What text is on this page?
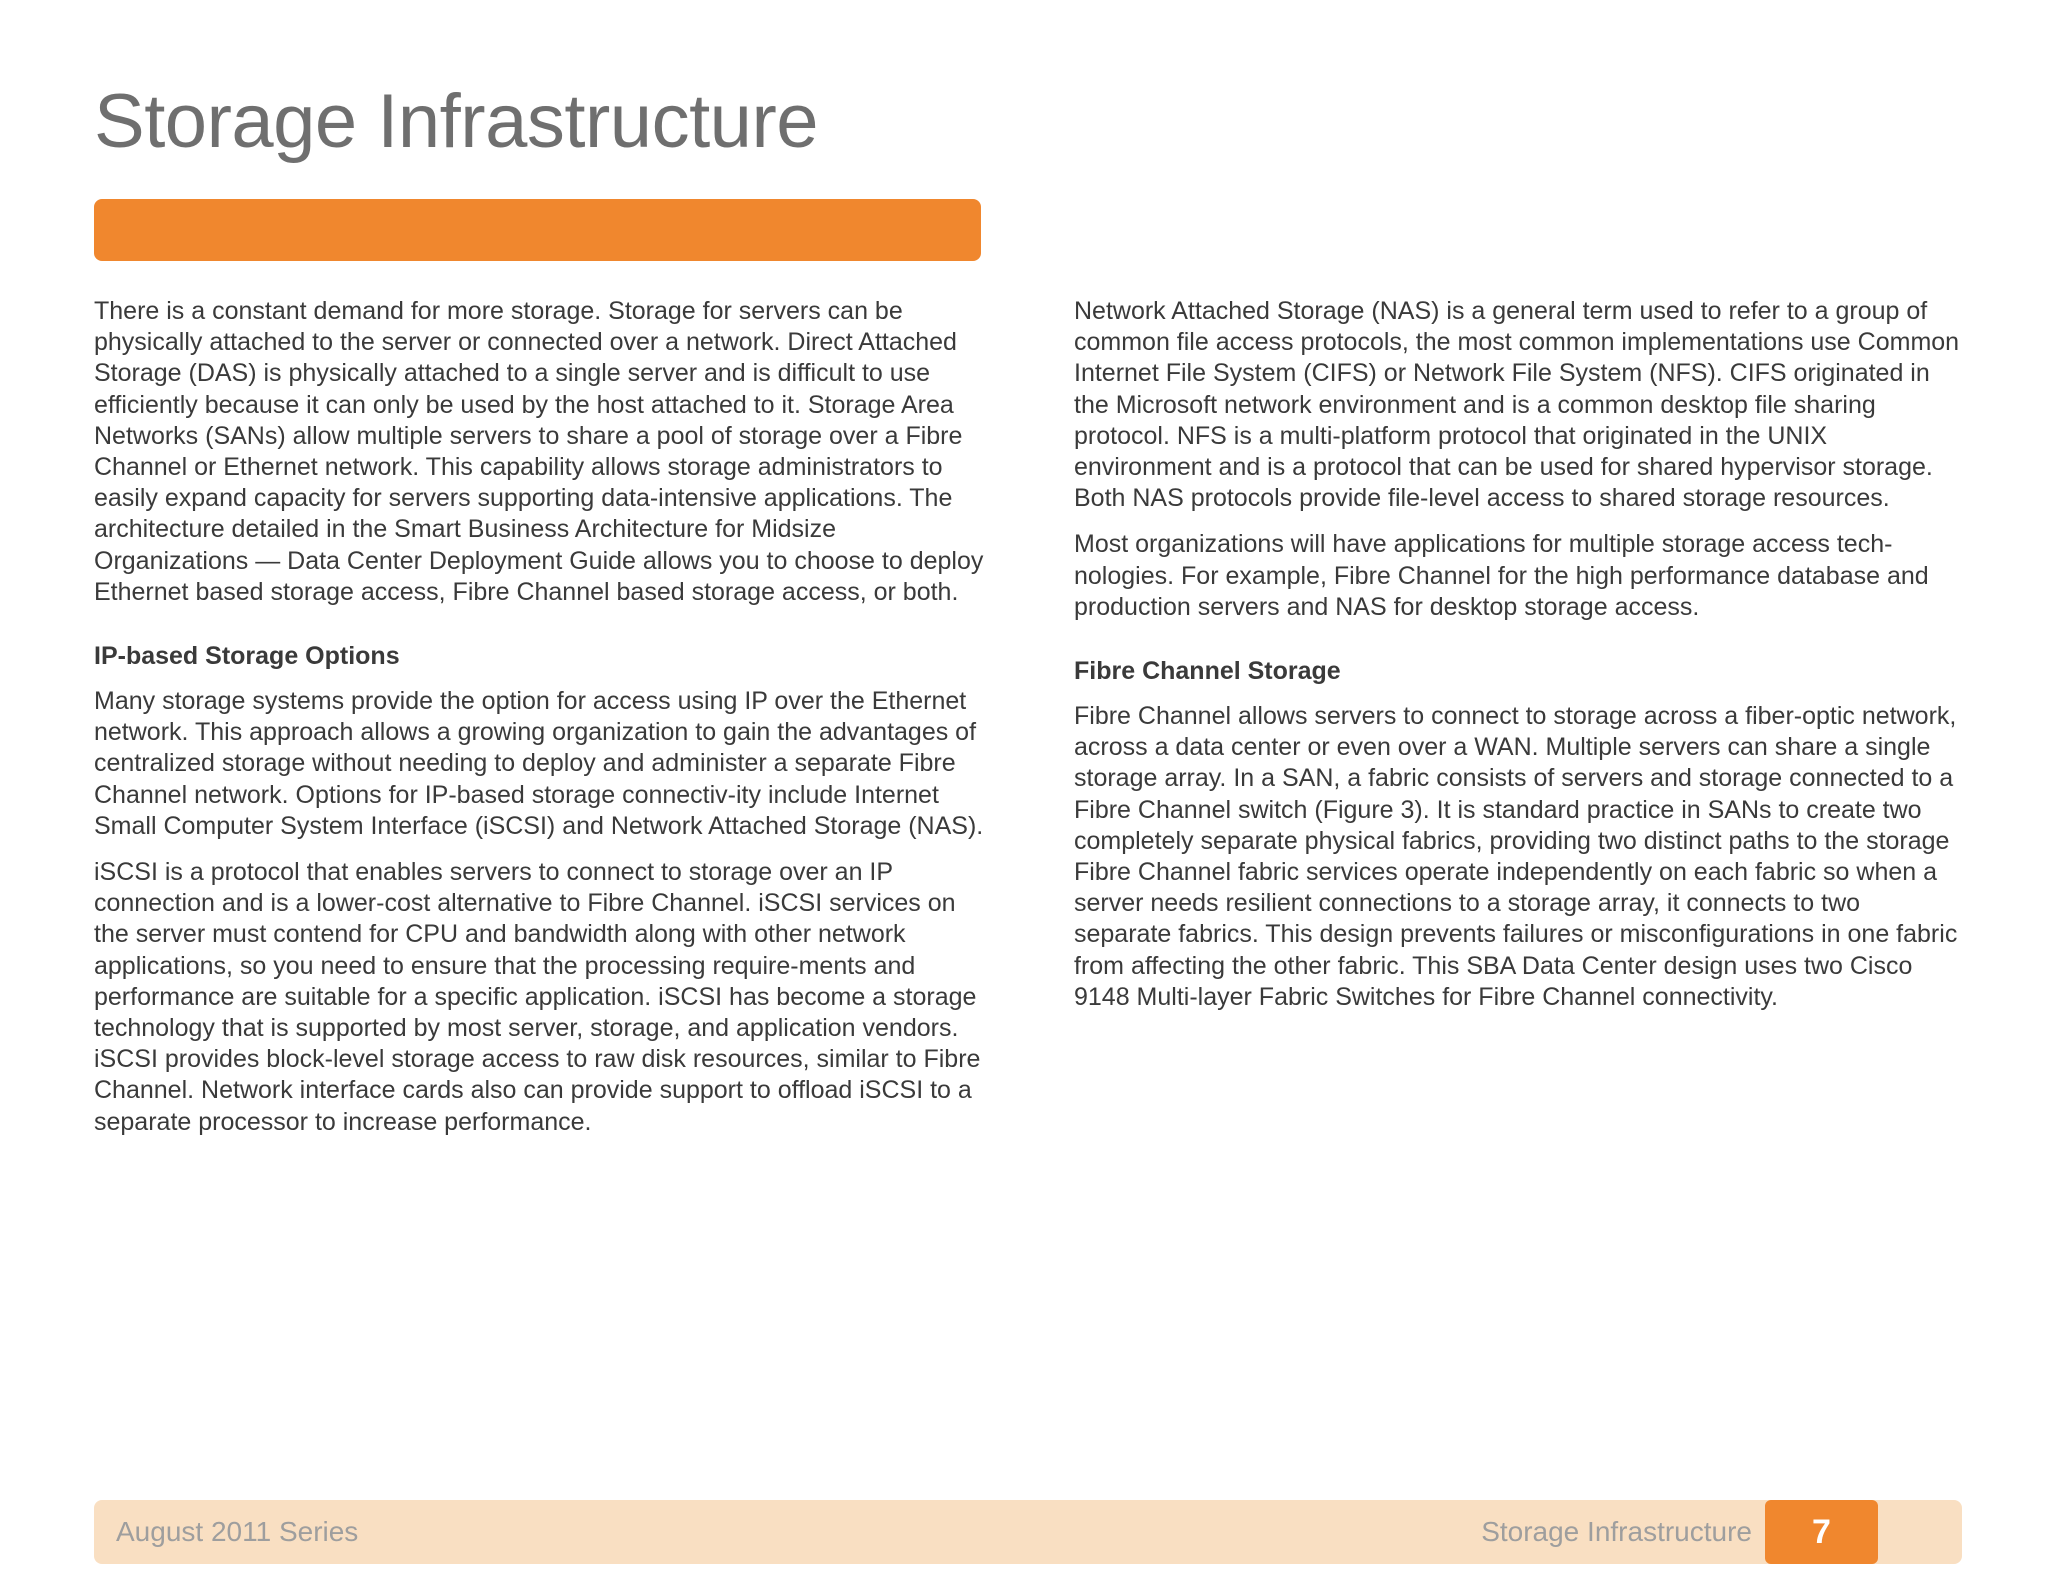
Storage Infrastructure

There is a constant demand for more storage. Storage for servers can be physically attached to the server or connected over a network. Direct Attached Storage (DAS) is physically attached to a single server and is difficult to use efficiently because it can only be used by the host attached to it. Storage Area Networks (SANs) allow multiple servers to share a pool of storage over a Fibre Channel or Ethernet network. This capability allows storage administrators to easily expand capacity for servers supporting data-intensive applications. The architecture detailed in the Smart Business Architecture for Midsize Organizations — Data Center Deployment Guide allows you to choose to deploy Ethernet based storage access, Fibre Channel based storage access, or both.

IP-based Storage Options

Many storage systems provide the option for access using IP over the Ethernet network. This approach allows a growing organization to gain the advantages of centralized storage without needing to deploy and administer a separate Fibre Channel network. Options for IP-based storage connectiv-ity include Internet Small Computer System Interface (iSCSI) and Network Attached Storage (NAS).

iSCSI is a protocol that enables servers to connect to storage over an IP connection and is a lower-cost alternative to Fibre Channel. iSCSI services on the server must contend for CPU and bandwidth along with other network applications, so you need to ensure that the processing require-ments and performance are suitable for a specific application. iSCSI has become a storage technology that is supported by most server, storage, and application vendors. iSCSI provides block-level storage access to raw disk resources, similar to Fibre Channel. Network interface cards also can provide support to offload iSCSI to a separate processor to increase performance.

Network Attached Storage (NAS) is a general term used to refer to a group of common file access protocols, the most common implementations use Common Internet File System (CIFS) or Network File System (NFS). CIFS originated in the Microsoft network environment and is a common desktop file sharing protocol. NFS is a multi-platform protocol that originated in the UNIX environment and is a protocol that can be used for shared hypervisor storage. Both NAS protocols provide file-level access to shared storage resources.

Most organizations will have applications for multiple storage access tech-nologies. For example, Fibre Channel for the high performance database and production servers and NAS for desktop storage access.

Fibre Channel Storage

Fibre Channel allows servers to connect to storage across a fiber-optic network, across a data center or even over a WAN. Multiple servers can share a single storage array. In a SAN, a fabric consists of servers and storage connected to a Fibre Channel switch (Figure 3). It is standard practice in SANs to create two completely separate physical fabrics, providing two distinct paths to the storage Fibre Channel fabric services operate independently on each fabric so when a server needs resilient connections to a storage array, it connects to two separate fabrics. This design prevents failures or misconfigurations in one fabric from affecting the other fabric. This SBA Data Center design uses two Cisco 9148 Multi-layer Fabric Switches for Fibre Channel connectivity.

August 2011 Series	Storage Infrastructure	7
